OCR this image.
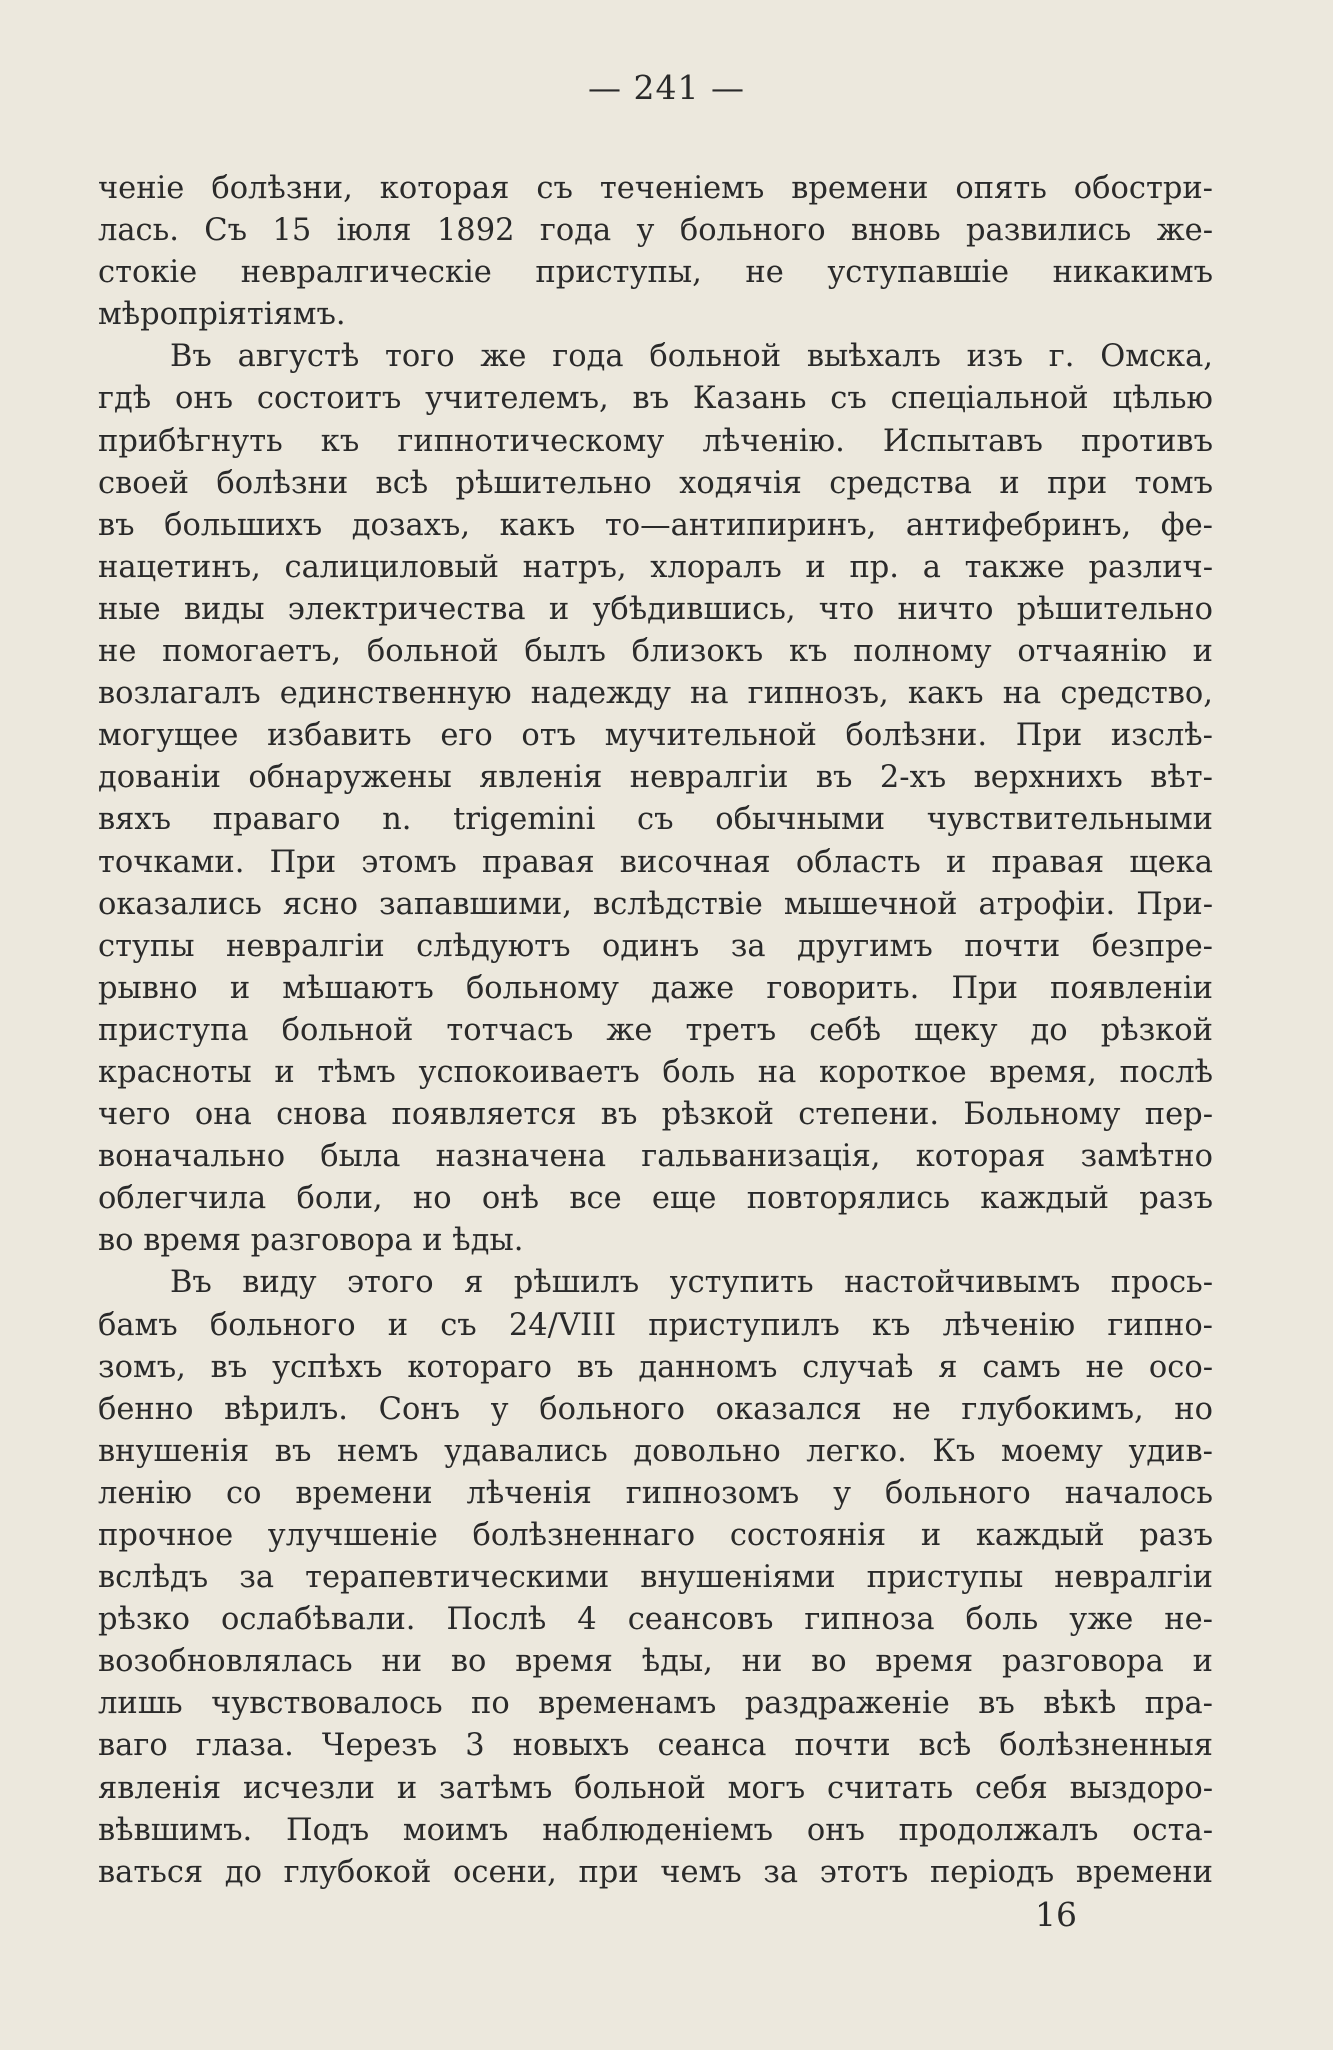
— 241 —
ченіе болѣзни, которая съ теченіемъ времени опять обостри-
лась. Съ 15 іюля 1892 года у больного вновь развились же-
стокіе невралгическіе приступы, не уступавшіе никакимъ
мѣропріятіямъ.
Въ августѣ того же года больной выѣхалъ изъ г. Омска,
гдѣ онъ состоитъ учителемъ, въ Казань съ спеціальной цѣлью
прибѣгнуть къ гипнотическому лѣченію. Испытавъ противъ
своей болѣзни всѣ рѣшительно ходячія средства и при томъ
въ большихъ дозахъ, какъ то—антипиринъ, антифебринъ, фе-
нацетинъ, салициловый натръ, хлоралъ и пр. а также различ-
ные виды электричества и убѣдившись, что ничто рѣшительно
не помогаетъ, больной былъ близокъ къ полному отчаянію и
возлагалъ единственную надежду на гипнозъ, какъ на средство,
могущее избавить его отъ мучительной болѣзни. При изслѣ-
дованіи обнаружены явленія невралгіи въ 2-хъ верхнихъ вѣт-
вяхъ праваго n. trigemini съ обычными чувствительными
точками. При этомъ правая височная область и правая щека
оказались ясно запавшими, вслѣдствіе мышечной атрофіи. При-
ступы невралгіи слѣдуютъ одинъ за другимъ почти безпре-
рывно и мѣшаютъ больному даже говорить. При появленіи
приступа больной тотчасъ же третъ себѣ щеку до рѣзкой
красноты и тѣмъ успокоиваетъ боль на короткое время, послѣ
чего она снова появляется въ рѣзкой степени. Больному пер-
воначально была назначена гальванизація, которая замѣтно
облегчила боли, но онѣ все еще повторялись каждый разъ
во время разговора и ѣды.
Въ виду этого я рѣшилъ уступить настойчивымъ прось-
бамъ больного и съ 24/VIII приступилъ къ лѣченію гипно-
зомъ, въ успѣхъ котораго въ данномъ случаѣ я самъ не осо-
бенно вѣрилъ. Сонъ у больного оказался не глубокимъ, но
внушенія въ немъ удавались довольно легко. Къ моему удив-
ленію со времени лѣченія гипнозомъ у больного началось
прочное улучшеніе болѣзненнаго состоянія и каждый разъ
вслѣдъ за терапевтическими внушеніями приступы невралгіи
рѣзко ослабѣвали. Послѣ 4 сеансовъ гипноза боль уже не-
возобновлялась ни во время ѣды, ни во время разговора и
лишь чувствовалось по временамъ раздраженіе въ вѣкѣ пра-
ваго глаза. Черезъ 3 новыхъ сеанса почти всѣ болѣзненныя
явленія исчезли и затѣмъ больной могъ считать себя выздоро-
вѣвшимъ. Подъ моимъ наблюденіемъ онъ продолжалъ оста-
ваться до глубокой осени, при чемъ за этотъ періодъ времени
16
